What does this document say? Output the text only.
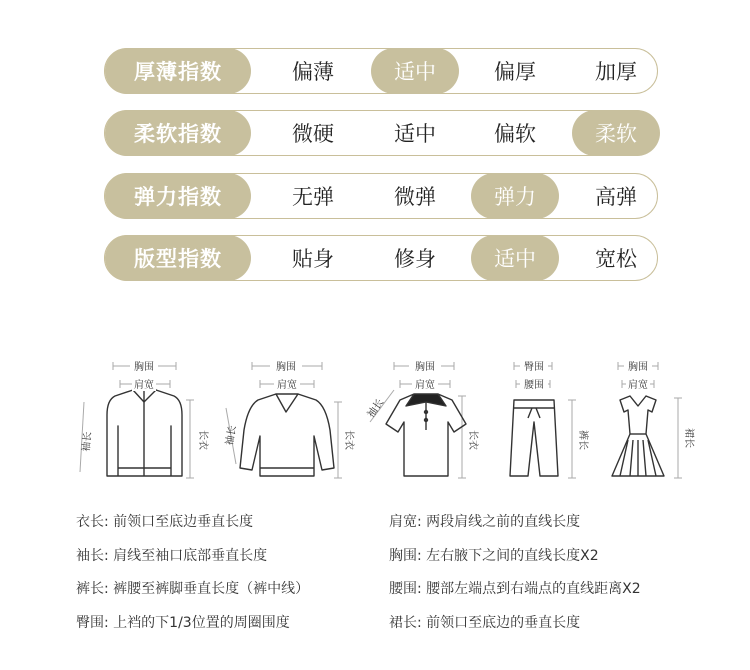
厚薄指数	偏薄	适中	偏厚	加厚
柔软指数	微硬	适中	偏软	柔软
弹力指数	无弹	微弹	弹力	高弹
版型指数	贴身	修身	适中	宽松
胸围
肩宽
袖长	长衣
胸围
肩宽
袖长	长衣
胸围
肩宽
袖长
长衣
臀围
腰围
裤长
胸围
肩宽
裙长
衣长: 前领口至底边垂直长度
袖长: 肩线至袖口底部垂直长度
裤长: 裤腰至裤脚垂直长度（裤中线）
臀围: 上裆的下1/3位置的周圈围度
肩宽: 两段肩线之前的直线长度
胸围: 左右腋下之间的直线长度X2
腰围: 腰部左端点到右端点的直线距离X2
裙长: 前领口至底边的垂直长度
